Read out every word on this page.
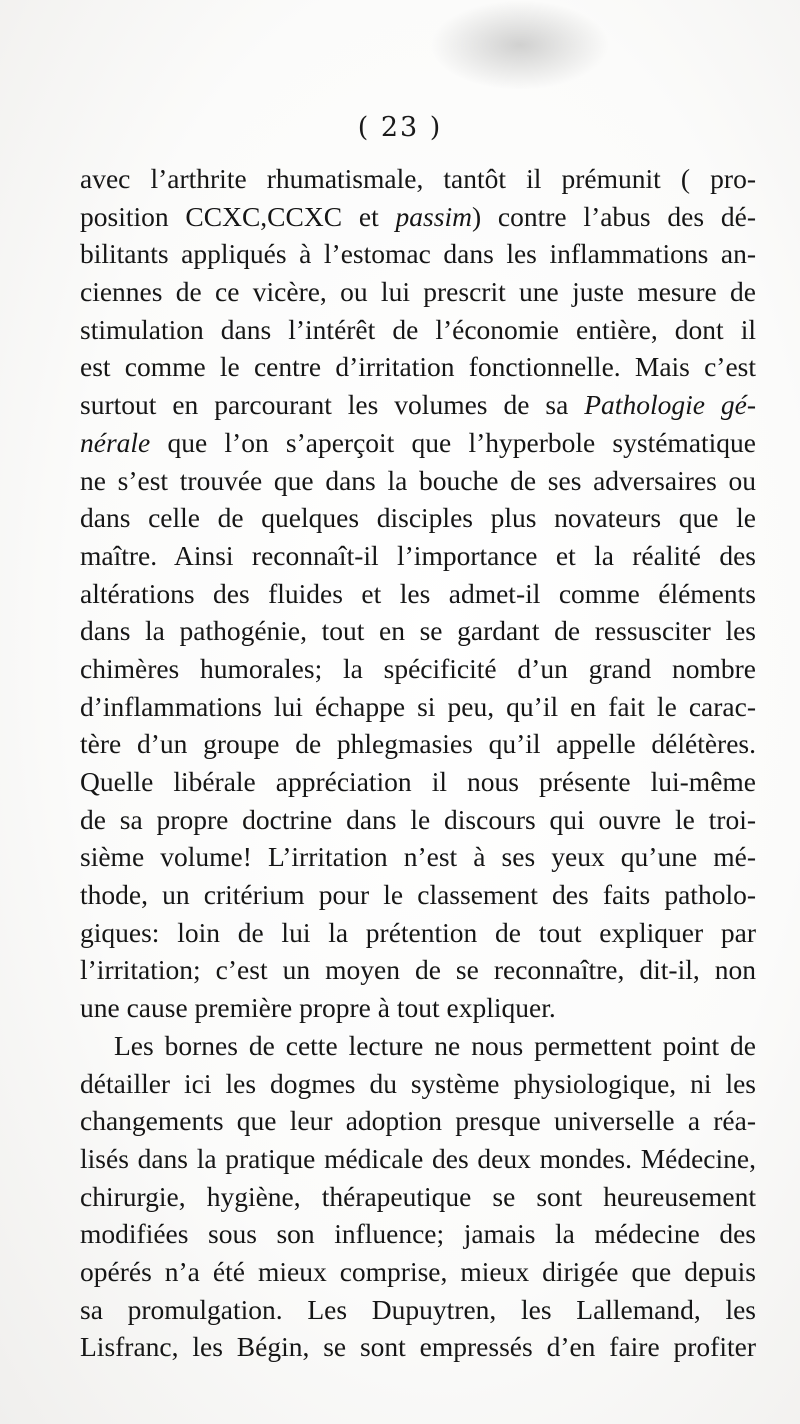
( 23 )
avec l’arthrite rhumatismale, tantôt il prémunit ( pro-
position CCXC,CCXC et passim) contre l’abus des dé-
bilitants appliqués à l’estomac dans les inflammations an-
ciennes de ce vicère, ou lui prescrit une juste mesure de
stimulation dans l’intérêt de l’économie entière, dont il
est comme le centre d’irritation fonctionnelle. Mais c’est
surtout en parcourant les volumes de sa Pathologie gé-
nérale que l’on s’aperçoit que l’hyperbole systématique
ne s’est trouvée que dans la bouche de ses adversaires ou
dans celle de quelques disciples plus novateurs que le
maître. Ainsi reconnaît-il l’importance et la réalité des
altérations des fluides et les admet-il comme éléments
dans la pathogénie, tout en se gardant de ressusciter les
chimères humorales; la spécificité d’un grand nombre
d’inflammations lui échappe si peu, qu’il en fait le carac-
tère d’un groupe de phlegmasies qu’il appelle délétères.
Quelle libérale appréciation il nous présente lui-même
de sa propre doctrine dans le discours qui ouvre le troi-
sième volume! L’irritation n’est à ses yeux qu’une mé-
thode, un critérium pour le classement des faits patholo-
giques: loin de lui la prétention de tout expliquer par
l’irritation; c’est un moyen de se reconnaître, dit-il, non
une cause première propre à tout expliquer.
Les bornes de cette lecture ne nous permettent point de
détailler ici les dogmes du système physiologique, ni les
changements que leur adoption presque universelle a réa-
lisés dans la pratique médicale des deux mondes. Médecine,
chirurgie, hygiène, thérapeutique se sont heureusement
modifiées sous son influence; jamais la médecine des
opérés n’a été mieux comprise, mieux dirigée que depuis
sa promulgation. Les Dupuytren, les Lallemand, les
Lisfranc, les Bégin, se sont empressés d’en faire profiter
